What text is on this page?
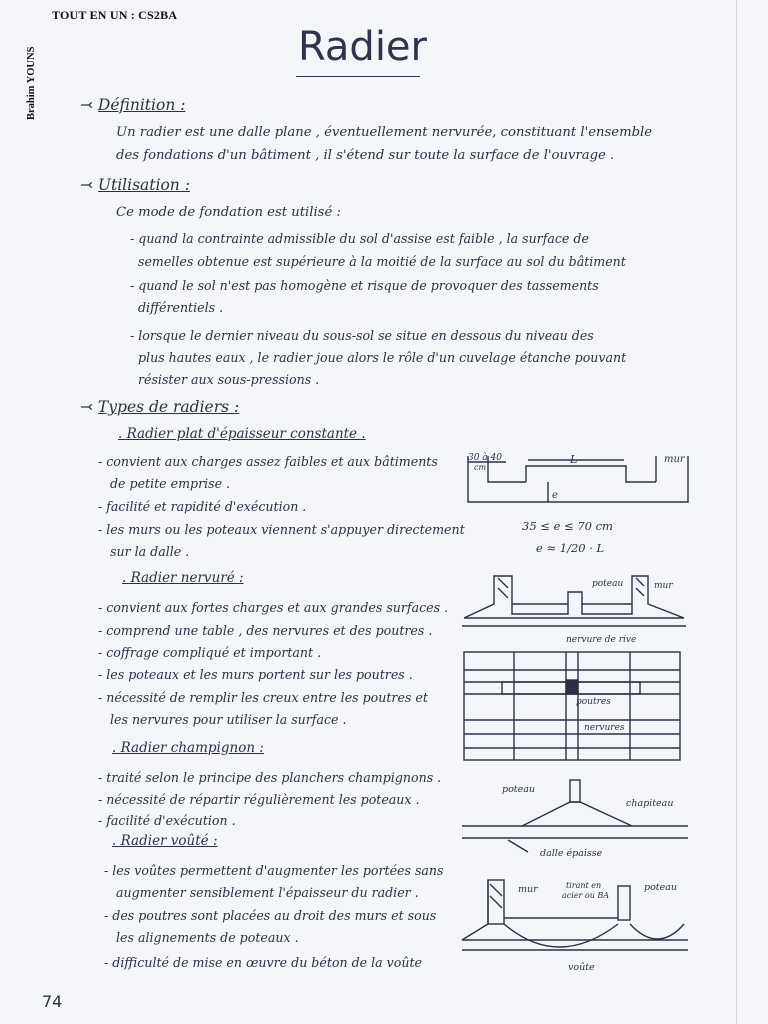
TOUT EN UN : CS2BA
Brahim YOUNS	Radier
⤙ Définition :
Un radier est une dalle plane , éventuellement nervurée, constituant l'ensemble
des fondations d'un bâtiment , il s'étend sur toute la surface de l'ouvrage .
⤙ Utilisation :
Ce mode de fondation est utilisé :
- quand la contrainte admissible du sol d'assise est faible , la surface de
semelles obtenue est supérieure à la moitié de la surface au sol du bâtiment
- quand le sol n'est pas homogène et risque de provoquer des tassements
différentiels .
- lorsque le dernier niveau du sous-sol se situe en dessous du niveau des
plus hautes eaux , le radier joue alors le rôle d'un cuvelage étanche pouvant
résister aux sous-pressions .
⤙ Types de radiers :
. Radier plat d'épaisseur constante .
- convient aux charges assez faibles et aux bâtiments
de petite emprise .
- facilité et rapidité d'exécution .
- les murs ou les poteaux viennent s'appuyer directement
sur la dalle .
30 à 40
cm
L	mur
e
35 ≤ e ≤ 70 cm
e ≈ 1/20 · L
. Radier nervuré :
- convient aux fortes charges et aux grandes surfaces .
- comprend une table , des nervures et des poutres .
- coffrage compliqué et important .
- les poteaux et les murs portent sur les poutres .
- nécessité de remplir les creux entre les poutres et
les nervures pour utiliser la surface .
poteau	mur
nervure de rive
poutres
nervures
. Radier champignon :
- traité selon le principe des planchers champignons .
- nécessité de répartir régulièrement les poteaux .
- facilité d'exécution .
poteau
chapiteau
dalle épaisse
. Radier voûté :
- les voûtes permettent d'augmenter les portées sans
augmenter sensiblement l'épaisseur du radier .
- des poutres sont placées au droit des murs et sous
les alignements de poteaux .
- difficulté de mise en œuvre du béton de la voûte
mur	poteau
tirant en
acier ou BA
voûte
74
